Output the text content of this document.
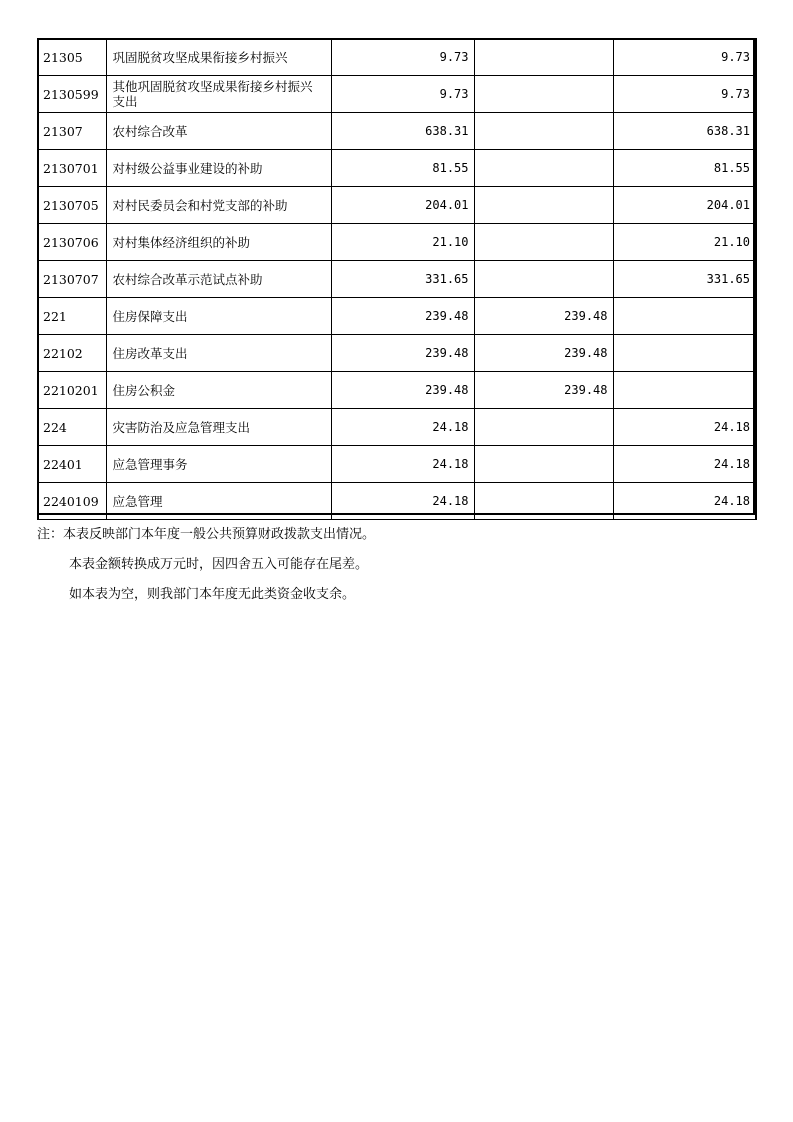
21305	巩固脱贫攻坚成果衔接乡村振兴	9.73		9.73
2130599	其他巩固脱贫攻坚成果衔接乡村振兴支出	9.73		9.73
21307	农村综合改革	638.31		638.31
2130701	对村级公益事业建设的补助	81.55		81.55
2130705	对村民委员会和村党支部的补助	204.01		204.01
2130706	对村集体经济组织的补助	21.10		21.10
2130707	农村综合改革示范试点补助	331.65		331.65
221	住房保障支出	239.48	239.48	
22102	住房改革支出	239.48	239.48	
2210201	住房公积金	239.48	239.48	
224	灾害防治及应急管理支出	24.18		24.18
22401	应急管理事务	24.18		24.18
2240109	应急管理	24.18		24.18
注：本表反映部门本年度一般公共预算财政拨款支出情况。
本表金额转换成万元时，因四舍五入可能存在尾差。
如本表为空，则我部门本年度无此类资金收支余。
